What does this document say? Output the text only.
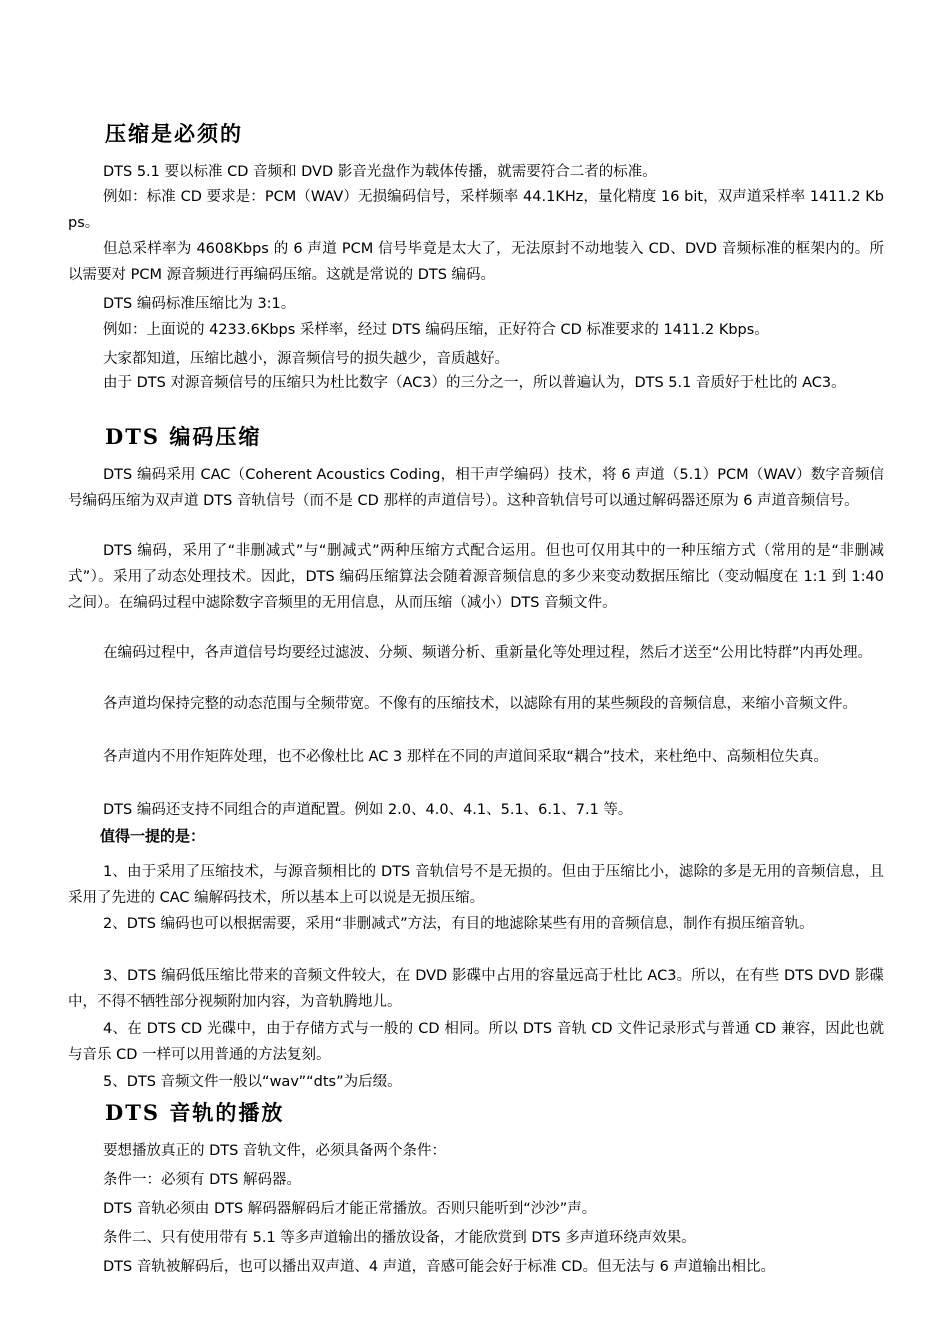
压缩是必须的

DTS 5.1 要以标准 CD 音频和 DVD 影音光盘作为载体传播，就需要符合二者的标准。

例如：标准 CD 要求是：PCM（WAV）无损编码信号，采样频率 44.1KHz，量化精度 16 bit，双声道采样率 1411.2 Kbps。

但总采样率为 4608Kbps 的 6 声道 PCM 信号毕竟是太大了，无法原封不动地装入 CD、DVD 音频标准的框架内的。所以需要对 PCM 源音频进行再编码压缩。这就是常说的 DTS 编码。

DTS 编码标准压缩比为 3:1。

例如：上面说的 4233.6Kbps 采样率，经过 DTS 编码压缩，正好符合 CD 标准要求的 1411.2 Kbps。

大家都知道，压缩比越小，源音频信号的损失越少，音质越好。

由于 DTS 对源音频信号的压缩只为杜比数字（AC3）的三分之一，所以普遍认为，DTS 5.1 音质好于杜比的 AC3。

DTS 编码压缩

DTS 编码采用 CAC（Coherent Acoustics Coding，相干声学编码）技术，将 6 声道（5.1）PCM（WAV）数字音频信号编码压缩为双声道 DTS 音轨信号（而不是 CD 那样的声道信号）。这种音轨信号可以通过解码器还原为 6 声道音频信号。

DTS 编码，采用了“非删减式”与“删减式”两种压缩方式配合运用。但也可仅用其中的一种压缩方式（常用的是“非删减式”）。采用了动态处理技术。因此，DTS 编码压缩算法会随着源音频信息的多少来变动数据压缩比（变动幅度在 1:1 到 1:40 之间）。在编码过程中滤除数字音频里的无用信息，从而压缩（减小）DTS 音频文件。

在编码过程中，各声道信号均要经过滤波、分频、频谱分析、重新量化等处理过程，然后才送至“公用比特群”内再处理。

各声道均保持完整的动态范围与全频带宽。不像有的压缩技术，以滤除有用的某些频段的音频信息，来缩小音频文件。

各声道内不用作矩阵处理，也不必像杜比 AC 3 那样在不同的声道间采取“耦合”技术，来杜绝中、高频相位失真。

DTS 编码还支持不同组合的声道配置。例如 2.0、4.0、4.1、5.1、6.1、7.1 等。

值得一提的是：

1、由于采用了压缩技术，与源音频相比的 DTS 音轨信号不是无损的。但由于压缩比小，滤除的多是无用的音频信息，且采用了先进的 CAC 编解码技术，所以基本上可以说是无损压缩。

2、DTS 编码也可以根据需要，采用“非删减式”方法，有目的地滤除某些有用的音频信息，制作有损压缩音轨。

3、DTS 编码低压缩比带来的音频文件较大，在 DVD 影碟中占用的容量远高于杜比 AC3。所以，在有些 DTS DVD 影碟中，不得不牺牲部分视频附加内容，为音轨腾地儿。

4、在 DTS CD 光碟中，由于存储方式与一般的 CD 相同。所以 DTS 音轨 CD 文件记录形式与普通 CD 兼容，因此也就与音乐 CD 一样可以用普通的方法复刻。

5、DTS 音频文件一般以“wav”“dts”为后缀。

DTS 音轨的播放

要想播放真正的 DTS 音轨文件，必须具备两个条件：

条件一：必须有 DTS 解码器。

DTS 音轨必须由 DTS 解码器解码后才能正常播放。否则只能听到“沙沙”声。

条件二、只有使用带有 5.1 等多声道输出的播放设备，才能欣赏到 DTS 多声道环绕声效果。

DTS 音轨被解码后，也可以播出双声道、4 声道，音感可能会好于标准 CD。但无法与 6 声道输出相比。
